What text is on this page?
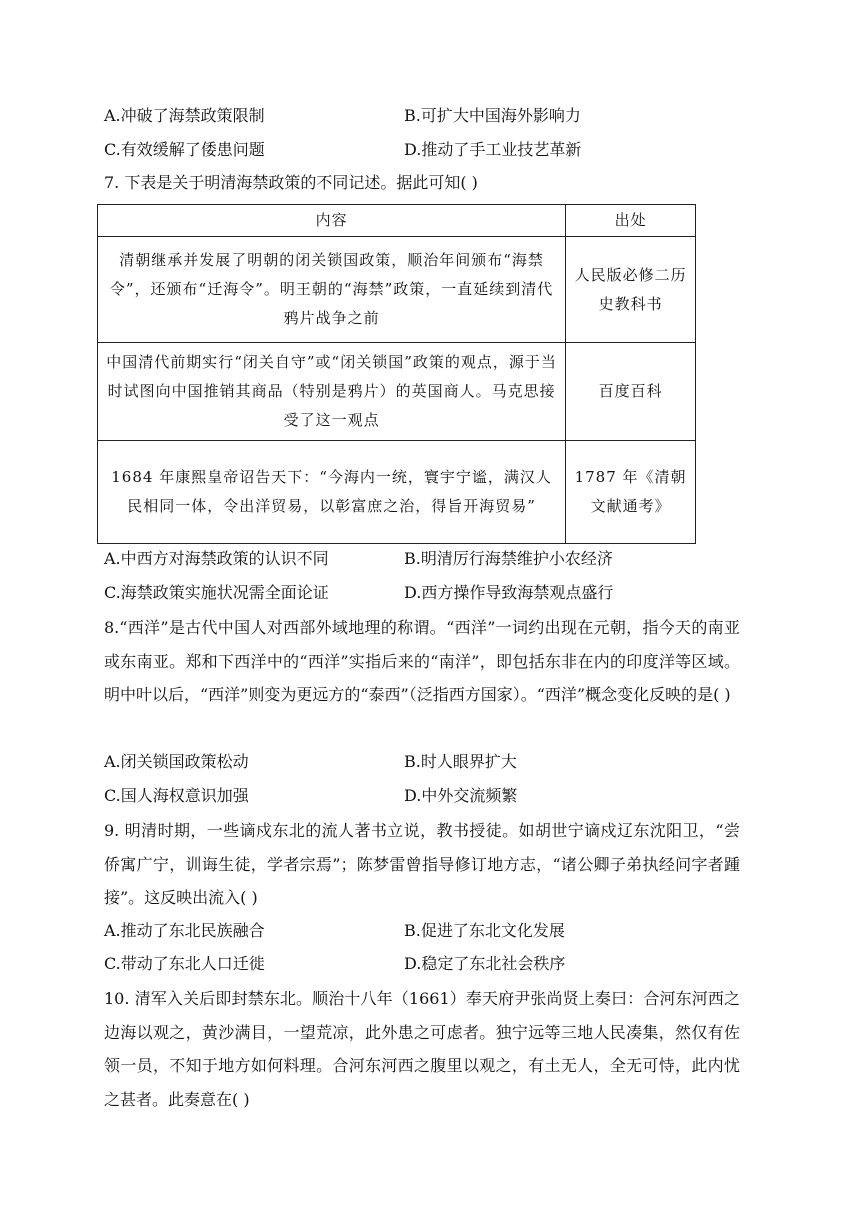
A.冲破了海禁政策限制	B.可扩大中国海外影响力
C.有效缓解了倭患问题	D.推动了手工业技艺革新
7. 下表是关于明清海禁政策的不同记述。据此可知( )
内容	出处
清朝继承并发展了明朝的闭关锁国政策，顺治年间颁布“海禁令”，还颁布“迁海令”。明王朝的“海禁”政策，一直延续到清代鸦片战争之前	人民版必修二历史教科书
中国清代前期实行“闭关自守”或“闭关锁国”政策的观点，源于当时试图向中国推销其商品（特别是鸦片）的英国商人。马克思接受了这一观点	百度百科
1684 年康熙皇帝诏告天下：“今海内一统，寰宇宁谧，满汉人民相同一体，令出洋贸易，以彰富庶之治，得旨开海贸易”	1787 年《清朝文献通考》
A.中西方对海禁政策的认识不同	B.明清厉行海禁维护小农经济
C.海禁政策实施状况需全面论证	D.西方操作导致海禁观点盛行
8.“西洋”是古代中国人对西部外域地理的称谓。“西洋”一词约出现在元朝，指今天的南亚或东南亚。郑和下西洋中的“西洋”实指后来的“南洋”，即包括东非在内的印度洋等区域。明中叶以后，“西洋”则变为更远方的“泰西”（泛指西方国家）。“西洋”概念变化反映的是( )
A.闭关锁国政策松动	B.时人眼界扩大
C.国人海权意识加强	D.中外交流频繁
9. 明清时期，一些谪戍东北的流人著书立说，教书授徒。如胡世宁谪戍辽东沈阳卫，“尝侨寓广宁，训诲生徒，学者宗焉”；陈梦雷曾指导修订地方志，“诸公卿子弟执经问字者踵接”。这反映出流入( )
A.推动了东北民族融合	B.促进了东北文化发展
C.带动了东北人口迁徙	D.稳定了东北社会秩序
10. 清军入关后即封禁东北。顺治十八年（1661）奉天府尹张尚贤上奏曰：合河东河西之边海以观之，黄沙满目，一望荒凉，此外患之可虑者。独宁远等三地人民凑集，然仅有佐领一员，不知于地方如何料理。合河东河西之腹里以观之，有土无人，全无可恃，此内忧之甚者。此奏意在( )
